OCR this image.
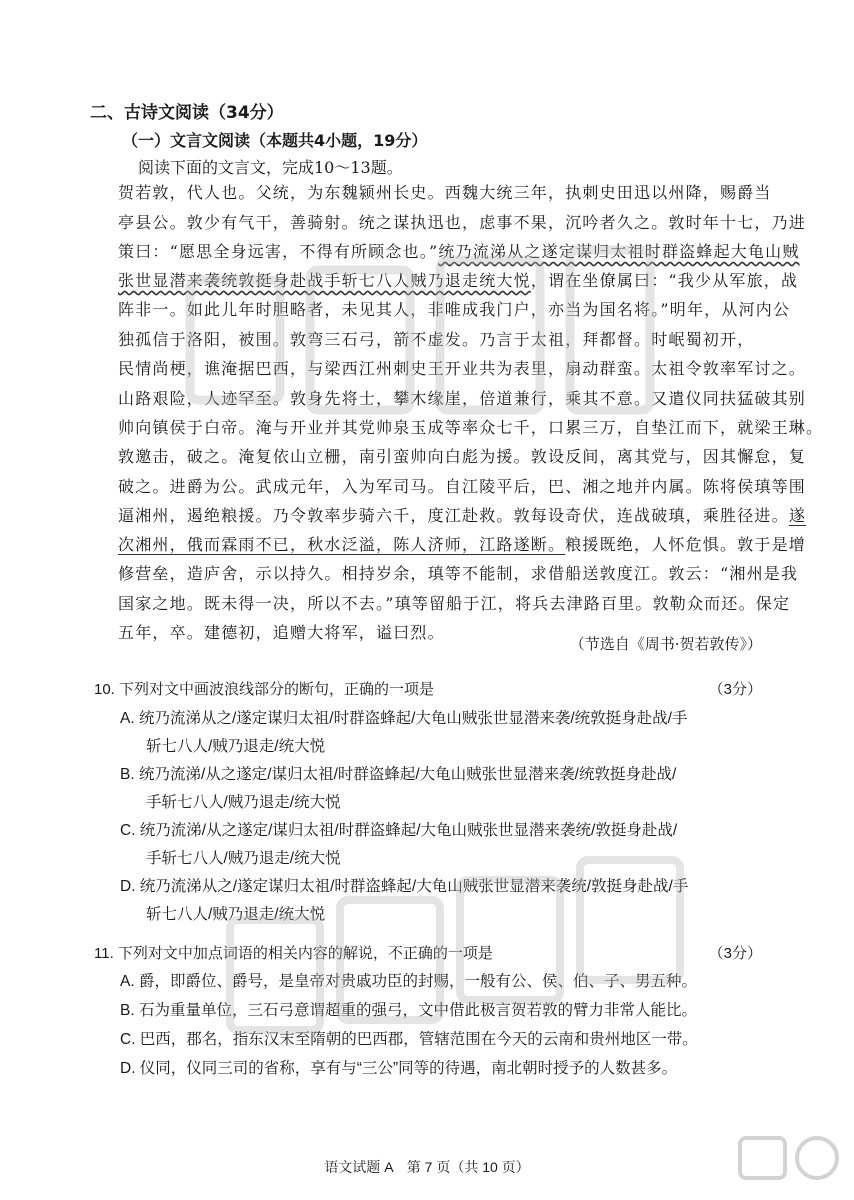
二、古诗文阅读（34分）
（一）文言文阅读（本题共4小题，19分）
阅读下面的文言文，完成10～13题。
贺若敦，代人也。父统，为东魏颍州长史。西魏大统三年，执刺史田迅以州降，赐爵当
亭县公。敦少有气干，善骑射。统之谋执迅也，虑事不果，沉吟者久之。敦时年十七，乃进
策曰：“愿思全身远害，不得有所顾念也。”统乃流涕从之遂定谋归太祖时群盗蜂起大龟山贼
张世显潜来袭统敦挺身赴战手斩七八人贼乃退走统大悦，谓在坐僚属曰：“我少从军旅，战
阵非一。如此儿年时胆略者，未见其人，非唯成我门户，亦当为国名将。”明年，从河内公
独孤信于洛阳，被围。敦弯三石弓，箭不虚发。乃言于太祖，拜都督。时岷蜀初开，
民情尚梗，谯淹据巴西，与梁西江州刺史王开业共为表里，扇动群蛮。太祖令敦率军讨之。
山路艰险，人迹罕至。敦身先将士，攀木缘崖，倍道兼行，乘其不意。又遣仪同扶猛破其别
帅向镇侯于白帝。淹与开业并其党帅泉玉成等率众七千，口累三万，自垫江而下，就梁王琳。
敦邀击，破之。淹复依山立栅，南引蛮帅向白彪为援。敦设反间，离其党与，因其懈怠，复
破之。进爵为公。武成元年，入为军司马。自江陵平后，巴、湘之地并内属。陈将侯瑱等围
逼湘州，遏绝粮援。乃令敦率步骑六千，度江赴救。敦每设奇伏，连战破瑱，乘胜径进。遂
次湘州，俄而霖雨不已，秋水泛溢，陈人济师，江路遂断。粮援既绝，人怀危惧。敦于是增
修营垒，造庐舍，示以持久。相持岁余，瑱等不能制，求借船送敦度江。敦云：“湘州是我
国家之地。既未得一决，所以不去。”瑱等留船于江，将兵去津路百里。敦勒众而还。保定
五年，卒。建德初，追赠大将军，谥曰烈。
（节选自《周书·贺若敦传》）
10. 下列对文中画波浪线部分的断句，正确的一项是	（3分）
A. 统乃流涕从之/遂定谋归太祖/时群盗蜂起/大龟山贼张世显潜来袭/统敦挺身赴战/手
斩七八人/贼乃退走/统大悦
B. 统乃流涕/从之遂定/谋归太祖/时群盗蜂起/大龟山贼张世显潜来袭/统敦挺身赴战/
手斩七八人/贼乃退走/统大悦
C. 统乃流涕/从之遂定/谋归太祖/时群盗蜂起/大龟山贼张世显潜来袭统/敦挺身赴战/
手斩七八人/贼乃退走/统大悦
D. 统乃流涕从之/遂定谋归太祖/时群盗蜂起/大龟山贼张世显潜来袭统/敦挺身赴战/手
斩七八人/贼乃退走/统大悦
11. 下列对文中加点词语的相关内容的解说，不正确的一项是	（3分）
A. 爵，即爵位、爵号，是皇帝对贵戚功臣的封赐，一般有公、侯、伯、子、男五种。
B. 石为重量单位，三石弓意谓超重的强弓，文中借此极言贺若敦的臂力非常人能比。
C. 巴西，郡名，指东汉末至隋朝的巴西郡，管辖范围在今天的云南和贵州地区一带。
D. 仪同，仪同三司的省称，享有与“三公”同等的待遇，南北朝时授予的人数甚多。
语文试题 A　第 7 页（共 10 页）
